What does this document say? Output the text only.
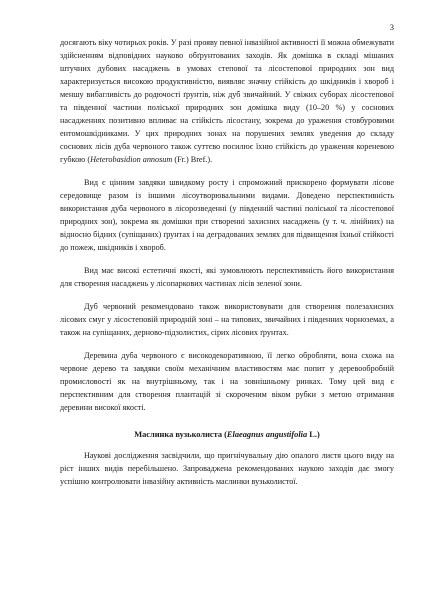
3

досягають віку чотирьох років. У разі прояву певної інвазійної активності її можна обмежувати здійсненням відповідних науково обґрунтованих заходів. Як домішка в складі мішаних штучних дубових насаджень в умовах степової та лісостепової природних зон вид характеризується високою продуктивністю, виявляє значну стійкість до шкідників і хвороб і меншу вибагливість до родючості ґрунтів, ніж дуб звичайний. У свіжих суборах лісостепової та південної частини поліської природних зон домішка виду (10–20 %) у соснових насадженнях позитивно впливає на стійкість лісостану, зокрема до ураження стовбуровими ентомошкідниками. У цих природних зонах на порушених землях уведення до складу соснових лісів дуба червоного також суттєво посилює їхню стійкість до ураження кореневою губкою (Heterobasidion annosum (Fr.) Bref.).

Вид є цінним завдяки швидкому росту і спроможний прискорено формувати лісове середовище разом із іншими лісоутворювальними видами. Доведено перспективність використання дуба червоного в лісорозведенні (у південній частині поліської та лісостепової природних зон), зокрема як домішки при створенні захисних насаджень (у т. ч. лінійних) на відносно бідних (супіщаних) ґрунтах і на деградованих землях для підвищення їхньої стійкості до пожеж, шкідників і хвороб.

Вид має високі естетичні якості, які зумовлюють перспективність його використання для створення насаджень у лісопаркових частинах лісів зеленої зони.

Дуб червоний рекомендовано також використовувати для створення полезахисних лісових смуг у лісостеповій природній зоні – на типових, звичайних і південних чорноземах, а також на супіщаних, дерново-підзолистих, сірих лісових ґрунтах.

Деревина дуба червоного є високодекоративною, її легко обробляти, вона схожа на червоне дерево та завдяки своїм механічним властивостям має попит у деревообробній промисловості як на внутрішньому, так і на зовнішньому ринках. Тому цей вид є перспективним для створення плантацій зі скороченим віком рубки з метою отримання деревини високої якості.

Маслинка вузьколиста (Elaeagnus angustifolia L.)

Наукові дослідження засвідчили, що пригнічувальну дію опалого листя цього виду на ріст інших видів перебільшено. Запроваджена рекомендованих наукою заходів дає змогу успішно контролювати інвазійну активність маслинки вузьколистої.
